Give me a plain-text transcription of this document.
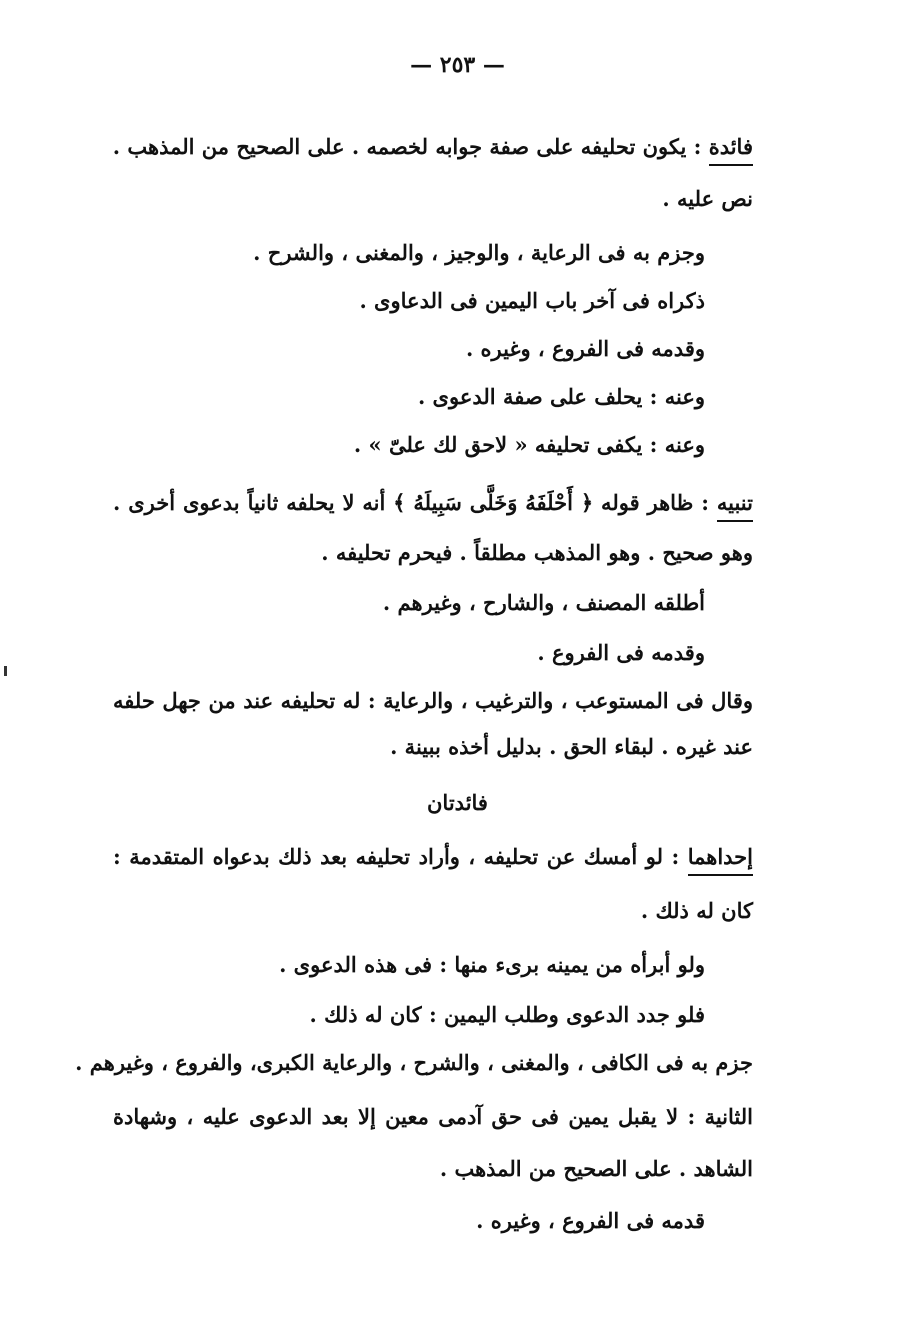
— ٢٥٣ —
فائدة : يكون تحليفه على صفة جوابه لخصمه . على الصحيح من المذهب .
نص عليه .
وجزم به فى الرعاية ، والوجيز ، والمغنى ، والشرح .
ذكراه فى آخر باب اليمين فى الدعاوى .
وقدمه فى الفروع ، وغيره .
وعنه : يحلف على صفة الدعوى .
وعنه : يكفى تحليفه « لاحق لك علىّ » .
تنبيه : ظاهر قوله ﴿ أَحْلَفَهُ وَخَلَّى سَبِيلَهُ ﴾ أنه لا يحلفه ثانياً بدعوى أخرى .
وهو صحيح . وهو المذهب مطلقاً . فيحرم تحليفه .
أطلقه المصنف ، والشارح ، وغيرهم .
وقدمه فى الفروع .
وقال فى المستوعب ، والترغيب ، والرعاية : له تحليفه عند من جهل حلفه
عند غيره . لبقاء الحق . بدليل أخذه ببينة .
فائدتان
إحداهما : لو أمسك عن تحليفه ، وأراد تحليفه بعد ذلك بدعواه المتقدمة :
كان له ذلك .
ولو أبرأه من يمينه برىء منها : فى هذه الدعوى .
فلو جدد الدعوى وطلب اليمين : كان له ذلك .
جزم به فى الكافى ، والمغنى ، والشرح ، والرعاية الكبرى، والفروع ، وغيرهم .
الثانية : لا يقبل يمين فى حق آدمى معين إلا بعد الدعوى عليه ، وشهادة
الشاهد . على الصحيح من المذهب .
قدمه فى الفروع ، وغيره .
